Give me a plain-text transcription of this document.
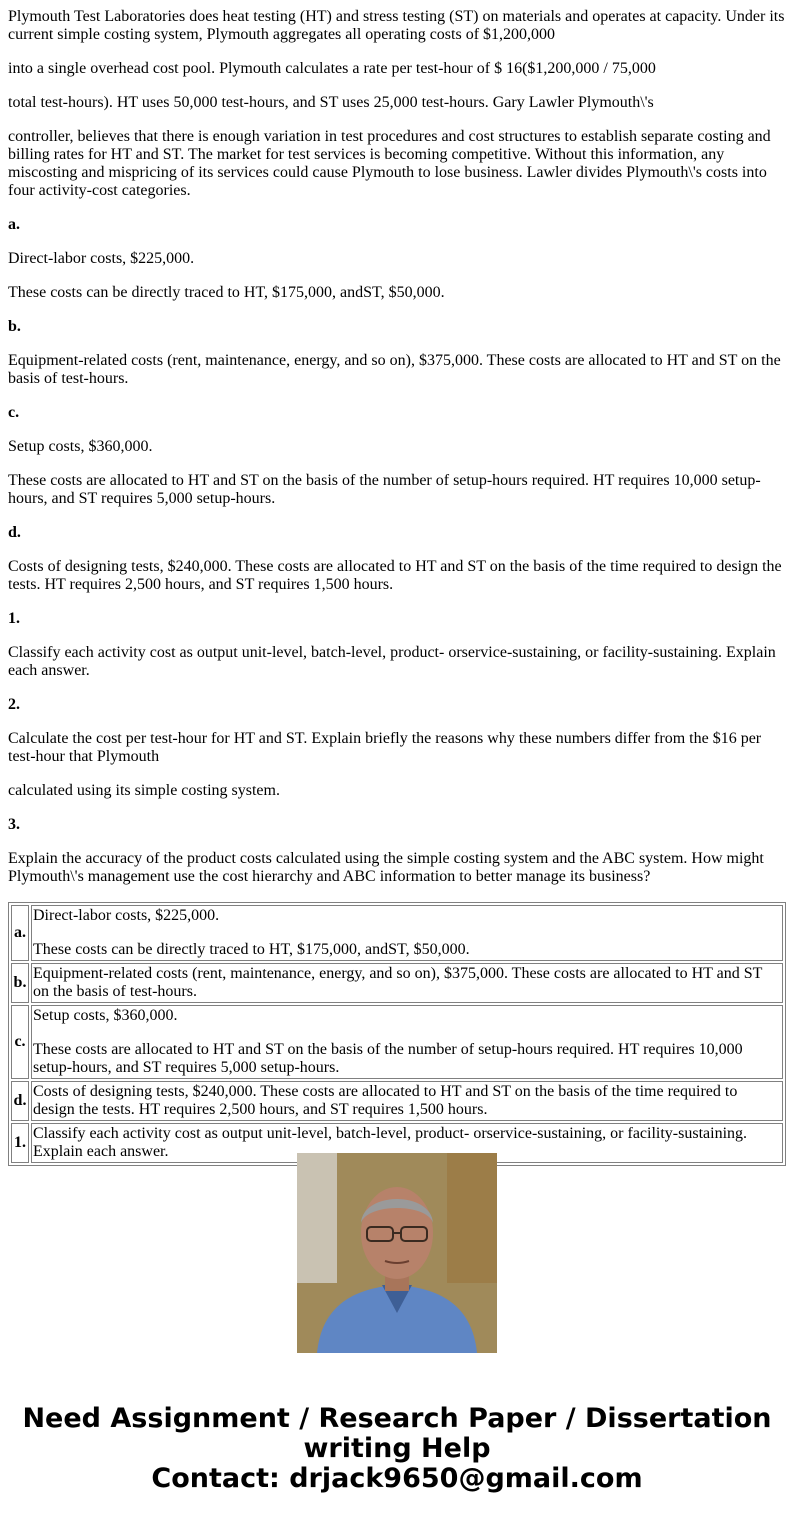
Plymouth Test Laboratories does heat testing (HT) and stress testing (ST) on materials and operates at capacity. Under its current simple costing system, Plymouth aggregates all operating costs of $1,200,000

into a single overhead cost pool. Plymouth calculates a rate per test-hour of $ 16($1,200,000 / 75,000

total test-hours). HT uses 50,000 test-hours, and ST uses 25,000 test-hours. Gary Lawler Plymouth\'s

controller, believes that there is enough variation in test procedures and cost structures to establish separate costing and billing rates for HT and ST. The market for test services is becoming competitive. Without this information, any miscosting and mispricing of its services could cause Plymouth to lose business. Lawler divides Plymouth\'s costs into four activity-cost categories.

a.

Direct-labor costs, $225,000.

These costs can be directly traced to HT, $175,000, andST, $50,000.

b.

Equipment-related costs (rent, maintenance, energy, and so on), $375,000. These costs are allocated to HT and ST on the basis of test-hours.

c.

Setup costs, $360,000.

These costs are allocated to HT and ST on the basis of the number of setup-hours required. HT requires 10,000 setup-hours, and ST requires 5,000 setup-hours.

d.

Costs of designing tests, $240,000. These costs are allocated to HT and ST on the basis of the time required to design the tests. HT requires 2,500 hours, and ST requires 1,500 hours.

1.

Classify each activity cost as output unit-level, batch-level, product- orservice-sustaining, or facility-sustaining. Explain each answer.

2.

Calculate the cost per test-hour for HT and ST. Explain briefly the reasons why these numbers differ from the $16 per test-hour that Plymouth

calculated using its simple costing system.

3.

Explain the accuracy of the product costs calculated using the simple costing system and the ABC system. How might Plymouth\'s management use the cost hierarchy and ABC information to better manage its business?

a.	Direct-labor costs, $225,000.
These costs can be directly traced to HT, $175,000, andST, $50,000.
b.	Equipment-related costs (rent, maintenance, energy, and so on), $375,000. These costs are allocated to HT and ST on the basis of test-hours.
c.	Setup costs, $360,000.
These costs are allocated to HT and ST on the basis of the number of setup-hours required. HT requires 10,000 setup-hours, and ST requires 5,000 setup-hours.
d.	Costs of designing tests, $240,000. These costs are allocated to HT and ST on the basis of the time required to design the tests. HT requires 2,500 hours, and ST requires 1,500 hours.
1.	Classify each activity cost as output unit-level, batch-level, product- orservice-sustaining, or facility-sustaining. Explain each answer.
Need Assignment / Research Paper / Dissertation
writing Help
Contact: drjack9650@gmail.com
